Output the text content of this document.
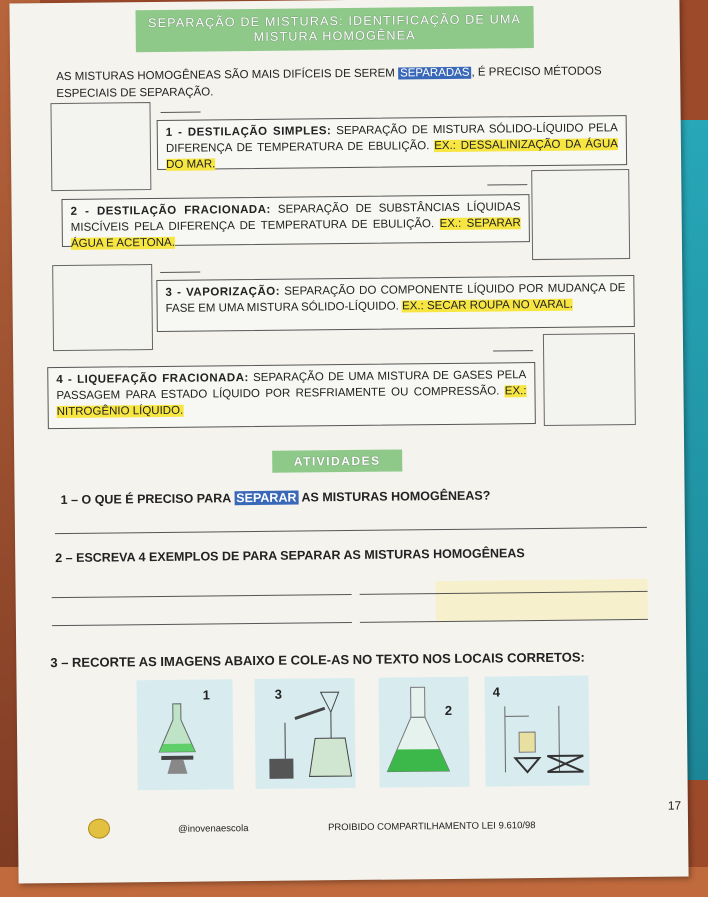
SEPARAÇÃO DE MISTURAS: IDENTIFICAÇÃO DE UMA
MISTURA HOMOGÊNEA
AS MISTURAS HOMOGÊNEAS SÃO MAIS DIFÍCEIS DE SEREM SEPARADAS , É PRECISO MÉTODOS ESPECIAIS DE SEPARAÇÃO.
1 - DESTILAÇÃO SIMPLES: SEPARAÇÃO DE MISTURA SÓLIDO-LÍQUIDO PELA DIFERENÇA DE TEMPERATURA DE EBULIÇÃO. EX.: DESSALINIZAÇÃO DA ÁGUA DO MAR.
2 - DESTILAÇÃO FRACIONADA: SEPARAÇÃO DE SUBSTÂNCIAS LÍQUIDAS MISCÍVEIS PELA DIFERENÇA DE TEMPERATURA DE EBULIÇÃO. EX.: SEPARAR ÁGUA E ACETONA.
3 - VAPORIZAÇÃO: SEPARAÇÃO DO COMPONENTE LÍQUIDO POR MUDANÇA DE FASE EM UMA MISTURA SÓLIDO-LÍQUIDO. EX.: SECAR ROUPA NO VARAL.
4 - LIQUEFAÇÃO FRACIONADA: SEPARAÇÃO DE UMA MISTURA DE GASES PELA PASSAGEM PARA ESTADO LÍQUIDO POR RESFRIAMENTE OU COMPRESSÃO. EX.: NITROGÊNIO LÍQUIDO.
ATIVIDADES
1 – O QUE É PRECISO PARA SEPARAR AS MISTURAS HOMOGÊNEAS?
2 – ESCREVA 4 EXEMPLOS DE PARA SEPARAR AS MISTURAS HOMOGÊNEAS
3 – RECORTE AS IMAGENS ABAIXO E COLE-AS NO TEXTO NOS LOCAIS CORRETOS:
1	3
2
4
17
@inovenaescola	PROIBIDO COMPARTILHAMENTO LEI 9.610/98
